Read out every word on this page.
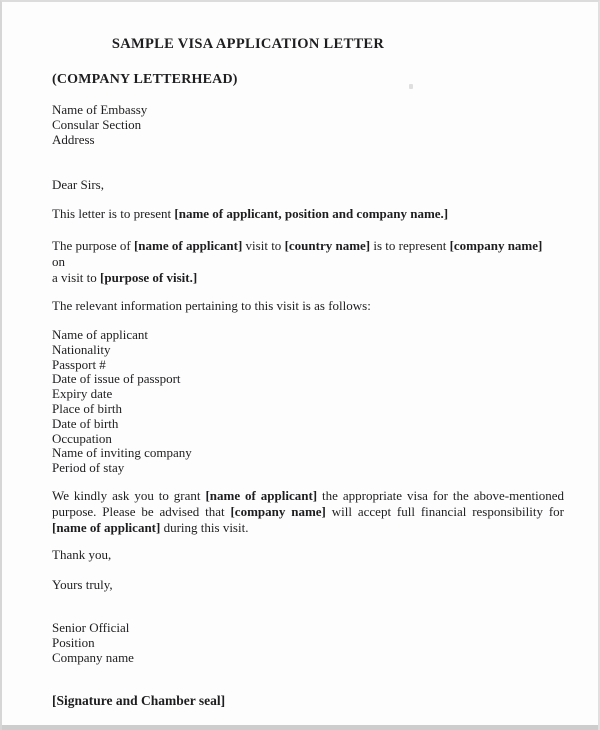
SAMPLE VISA APPLICATION LETTER
(COMPANY LETTERHEAD)
Name of Embassy
Consular Section
Address
Dear Sirs,
This letter is to present [name of applicant, position and company name.]
The purpose of [name of applicant] visit to [country name] is to represent [company name] on
a visit to [purpose of visit.]
The relevant information pertaining to this visit is as follows:
Name of applicant
Nationality
Passport #
Date of issue of passport
Expiry date
Place of birth
Date of birth
Occupation
Name of inviting company
Period of stay
We kindly ask you to grant [name of applicant] the appropriate visa for the above-mentioned
purpose. Please be advised that [company name] will accept full financial responsibility for
[name of applicant] during this visit.
Thank you,
Yours truly,
Senior Official
Position
Company name
[Signature and Chamber seal]
